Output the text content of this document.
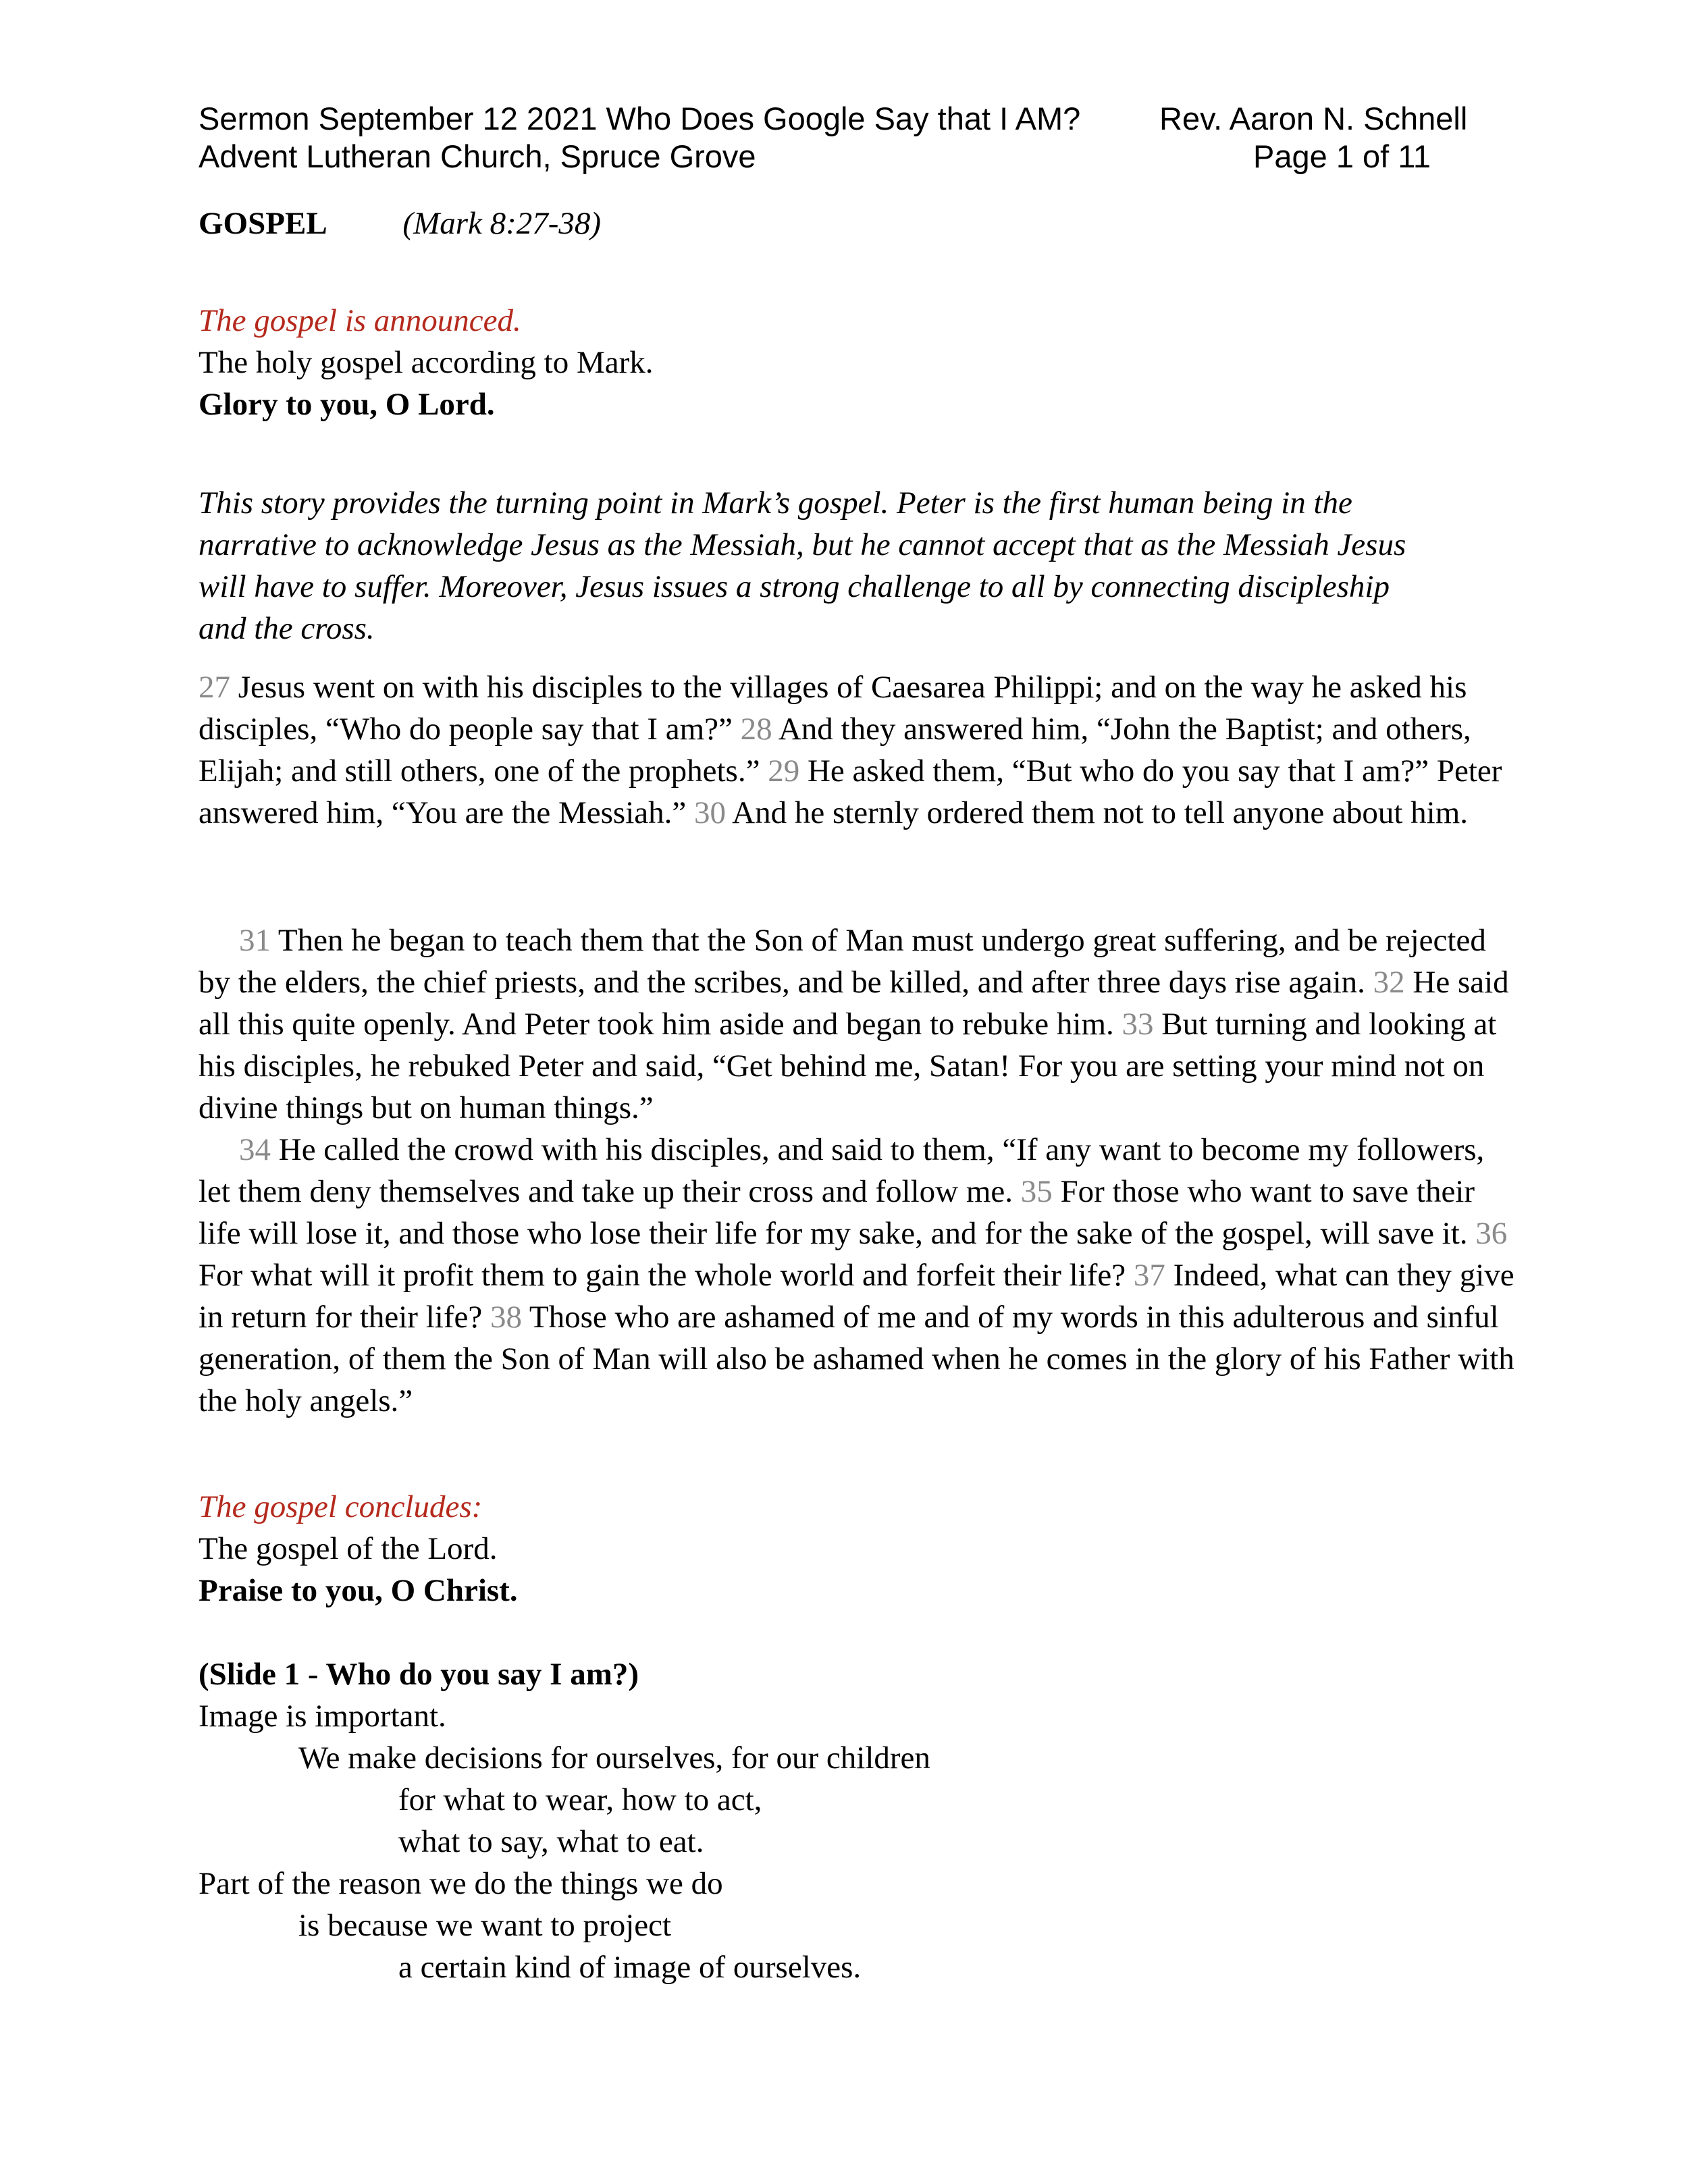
Sermon September 12 2021 Who Does Google Say that I AM? Rev. Aaron N. Schnell
Advent Lutheran Church, Spruce Grove	Page 1 of 11
GOSPEL (Mark 8:27-38)
The gospel is announced.
The holy gospel according to Mark.
Glory to you, O Lord.
This story provides the turning point in Mark’s gospel. Peter is the first human being in the
narrative to acknowledge Jesus as the Messiah, but he cannot accept that as the Messiah Jesus
will have to suffer. Moreover, Jesus issues a strong challenge to all by connecting discipleship
and the cross.
27 Jesus went on with his disciples to the villages of Caesarea Philippi; and on the way he asked his disciples, “Who do people say that I am?” 28 And they answered him, “John the Baptist; and others, Elijah; and still others, one of the prophets.” 29 He asked them, “But who do you say that I am?” Peter answered him, “You are the Messiah.” 30 And he sternly ordered them not to tell anyone about him.
31 Then he began to teach them that the Son of Man must undergo great suffering, and be rejected by the elders, the chief priests, and the scribes, and be killed, and after three days rise again. 32 He said all this quite openly. And Peter took him aside and began to rebuke him. 33 But turning and looking at his disciples, he rebuked Peter and said, “Get behind me, Satan! For you are setting your mind not on divine things but on human things.”
34 He called the crowd with his disciples, and said to them, “If any want to become my followers, let them deny themselves and take up their cross and follow me. 35 For those who want to save their life will lose it, and those who lose their life for my sake, and for the sake of the gospel, will save it. 36 For what will it profit them to gain the whole world and forfeit their life? 37 Indeed, what can they give in return for their life? 38 Those who are ashamed of me and of my words in this adulterous and sinful generation, of them the Son of Man will also be ashamed when he comes in the glory of his Father with the holy angels.”
The gospel concludes:
The gospel of the Lord.
Praise to you, O Christ.
(Slide 1 - Who do you say I am?)
Image is important.
We make decisions for ourselves, for our children
for what to wear, how to act,
what to say, what to eat.
Part of the reason we do the things we do
is because we want to project
a certain kind of image of ourselves.
